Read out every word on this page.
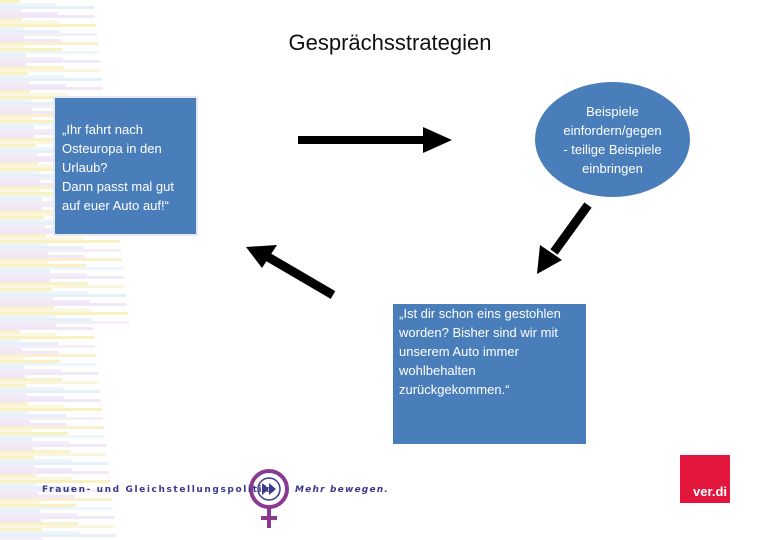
Gesprächsstrategien
„Ihr fahrt nach
Osteuropa in den
Urlaub?
Dann passt mal gut
auf euer Auto auf!“
Beispiele
einfordern/gegen
- teilige Beispiele
einbringen
„Ist dir schon eins gestohlen
worden? Bisher sind wir mit
unserem Auto immer
wohlbehalten
zurückgekommen.“
Frauen- und Gleichstellungspolitik: Mehr bewegen.	ver.di
